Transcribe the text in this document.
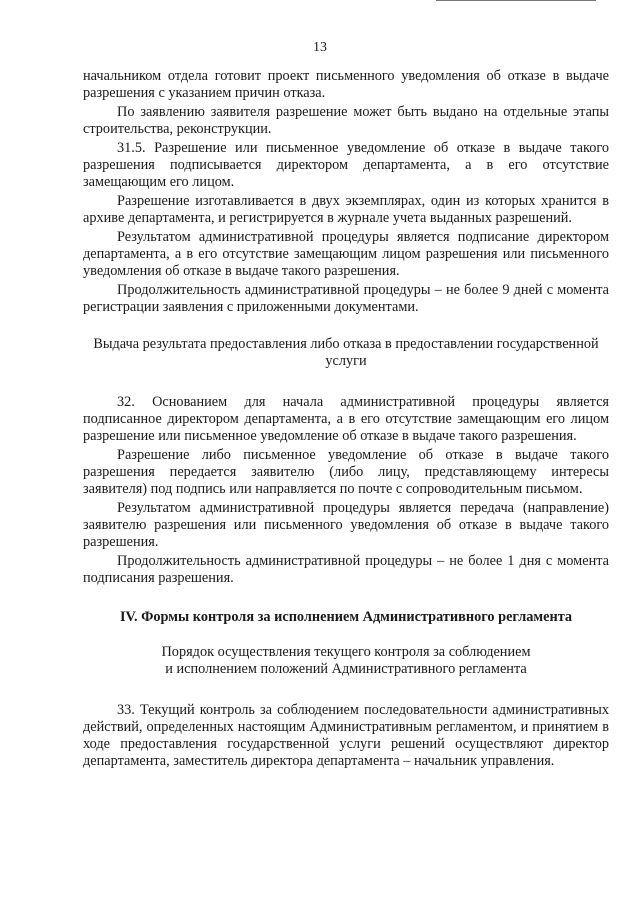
13

начальником отдела готовит проект письменного уведомления об отказе в выдаче разрешения с указанием причин отказа.

По заявлению заявителя разрешение может быть выдано на отдельные этапы строительства, реконструкции.

31.5. Разрешение или письменное уведомление об отказе в выдаче такого разрешения подписывается директором департамента, а в его отсутствие замещающим его лицом.

Разрешение изготавливается в двух экземплярах, один из которых хранится в архиве департамента, и регистрируется в журнале учета выданных разрешений.

Результатом административной процедуры является подписание директором департамента, а в его отсутствие замещающим лицом разрешения или письменного уведомления об отказе в выдаче такого разрешения.

Продолжительность административной процедуры – не более 9 дней с момента регистрации заявления с приложенными документами.

Выдача результата предоставления либо отказа в предоставлении государственной услуги

32. Основанием для начала административной процедуры является подписанное директором департамента, а в его отсутствие замещающим его лицом разрешение или письменное уведомление об отказе в выдаче такого разрешения.

Разрешение либо письменное уведомление об отказе в выдаче такого разрешения передается заявителю (либо лицу, представляющему интересы заявителя) под подпись или направляется по почте с сопроводительным письмом.

Результатом административной процедуры является передача (направление) заявителю разрешения или письменного уведомления об отказе в выдаче такого разрешения.

Продолжительность административной процедуры – не более 1 дня с момента подписания разрешения.

IV. Формы контроля за исполнением Административного регламента

Порядок осуществления текущего контроля за соблюдением

и исполнением положений Административного регламента

33. Текущий контроль за соблюдением последовательности административных действий, определенных настоящим Административным регламентом, и принятием в ходе предоставления государственной услуги решений осуществляют директор департамента, заместитель директора департамента – начальник управления.
